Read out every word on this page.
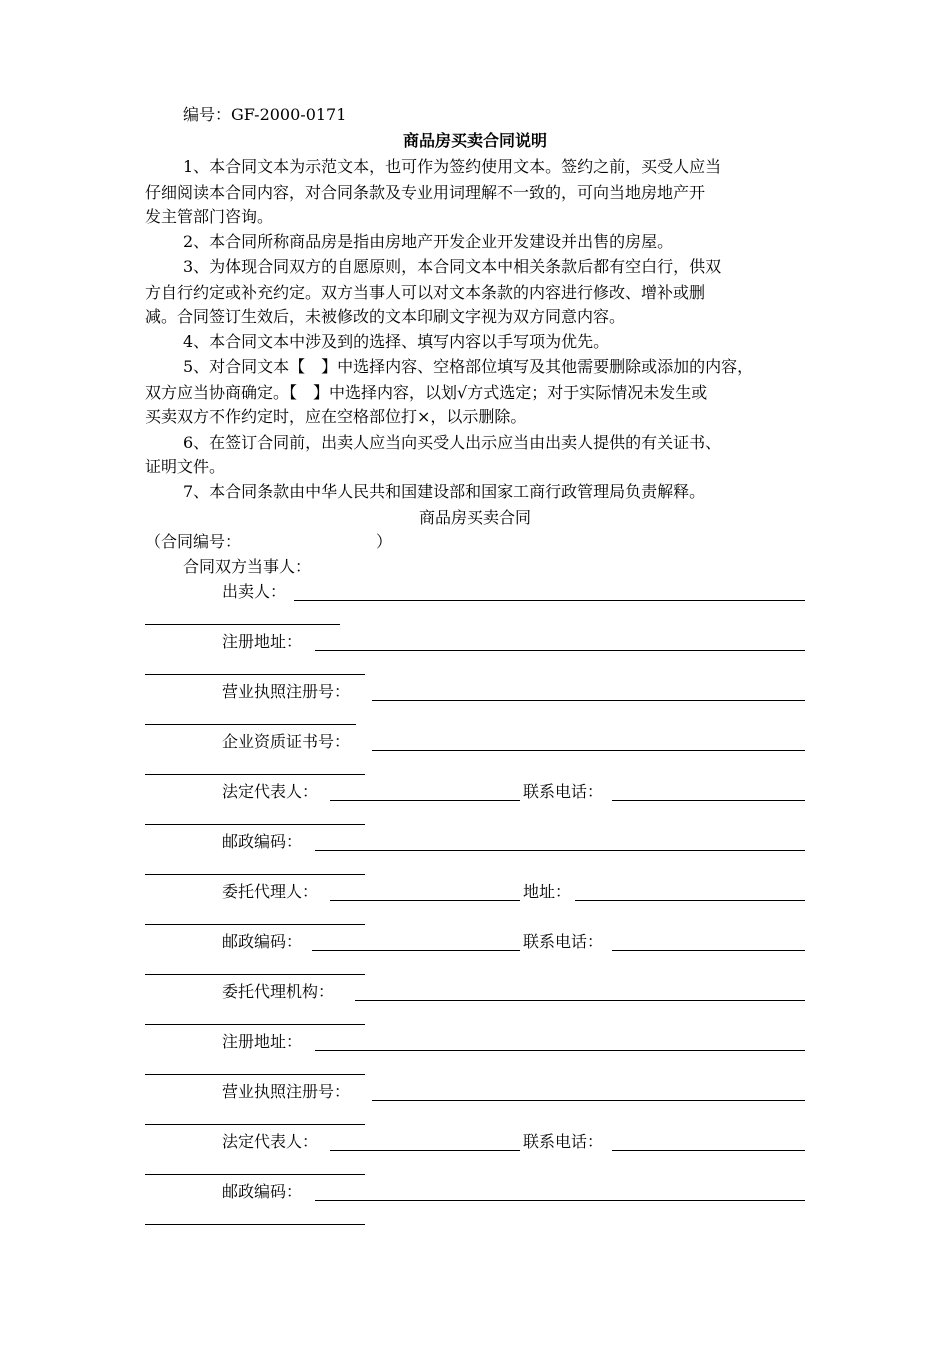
编号：GF-2000-0171
商品房买卖合同说明
1、本合同文本为示范文本，也可作为签约使用文本。签约之前，买受人应当
仔细阅读本合同内容，对合同条款及专业用词理解不一致的，可向当地房地产开
发主管部门咨询。
2、本合同所称商品房是指由房地产开发企业开发建设并出售的房屋。
3、为体现合同双方的自愿原则，本合同文本中相关条款后都有空白行，供双
方自行约定或补充约定。双方当事人可以对文本条款的内容进行修改、增补或删
减。合同签订生效后，未被修改的文本印刷文字视为双方同意内容。
4、本合同文本中涉及到的选择、填写内容以手写项为优先。
5、对合同文本【　】中选择内容、空格部位填写及其他需要删除或添加的内容，
双方应当协商确定。【　】中选择内容，以划√方式选定；对于实际情况未发生或
买卖双方不作约定时，应在空格部位打×，以示删除。
6、在签订合同前，出卖人应当向买受人出示应当由出卖人提供的有关证书、
证明文件。
7、本合同条款由中华人民共和国建设部和国家工商行政管理局负责解释。
商品房买卖合同
（合同编号：	）
合同双方当事人：
出卖人：
注册地址：
营业执照注册号：
企业资质证书号：
法定代表人：	联系电话：
邮政编码：
委托代理人：	地址：
邮政编码：	联系电话：
委托代理机构：
注册地址：
营业执照注册号：
法定代表人：	联系电话：
邮政编码：
